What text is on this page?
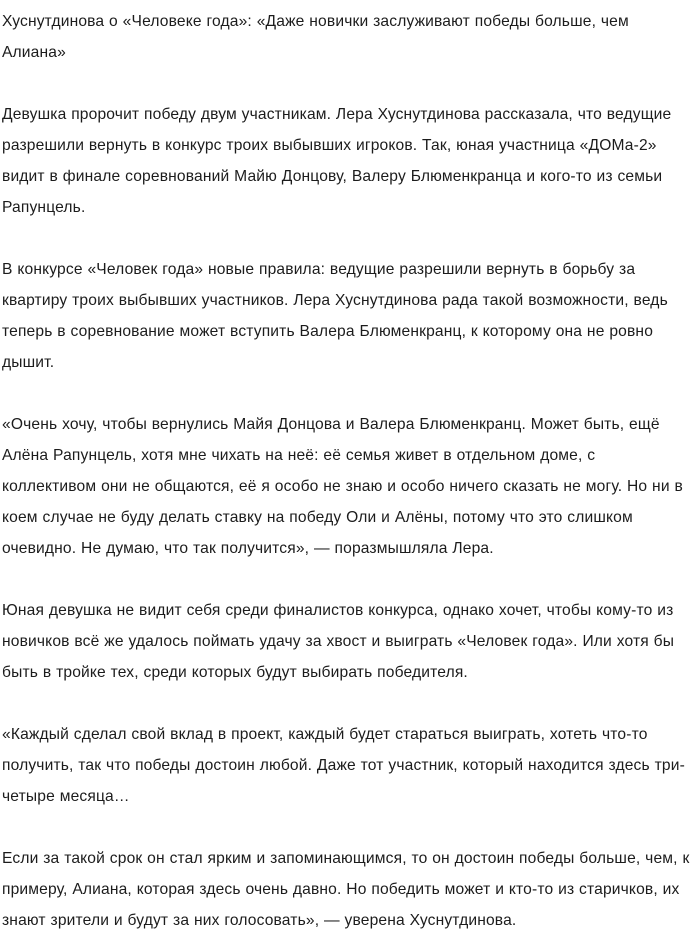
Хуснутдинова о «Человеке года»: «Даже новички заслуживают победы больше, чем Алиана»

Девушка пророчит победу двум участникам. Лера Хуснутдинова рассказала, что ведущие разрешили вернуть в конкурс троих выбывших игроков. Так, юная участница «ДОМа-2» видит в финале соревнований Майю Донцову, Валеру Блюменкранца и кого-то из семьи Рапунцель.

В конкурсе «Человек года» новые правила: ведущие разрешили вернуть в борьбу за квартиру троих выбывших участников. Лера Хуснутдинова рада такой возможности, ведь теперь в соревнование может вступить Валера Блюменкранц, к которому она не ровно дышит.

«Очень хочу, чтобы вернулись Майя Донцова и Валера Блюменкранц. Может быть, ещё Алёна Рапунцель, хотя мне чихать на неё: её семья живет в отдельном доме, с коллективом они не общаются, её я особо не знаю и особо ничего сказать не могу. Но ни в коем случае не буду делать ставку на победу Оли и Алёны, потому что это слишком очевидно. Не думаю, что так получится», — поразмышляла Лера.

Юная девушка не видит себя среди финалистов конкурса, однако хочет, чтобы кому-то из новичков всё же удалось поймать удачу за хвост и выиграть «Человек года». Или хотя бы быть в тройке тех, среди которых будут выбирать победителя.

«Каждый сделал свой вклад в проект, каждый будет стараться выиграть, хотеть что-то получить, так что победы достоин любой. Даже тот участник, который находится здесь три-четыре месяца…

Если за такой срок он стал ярким и запоминающимся, то он достоин победы больше, чем, к примеру, Алиана, которая здесь очень давно. Но победить может и кто-то из старичков, их знают зрители и будут за них голосовать», — уверена Хуснутдинова.
